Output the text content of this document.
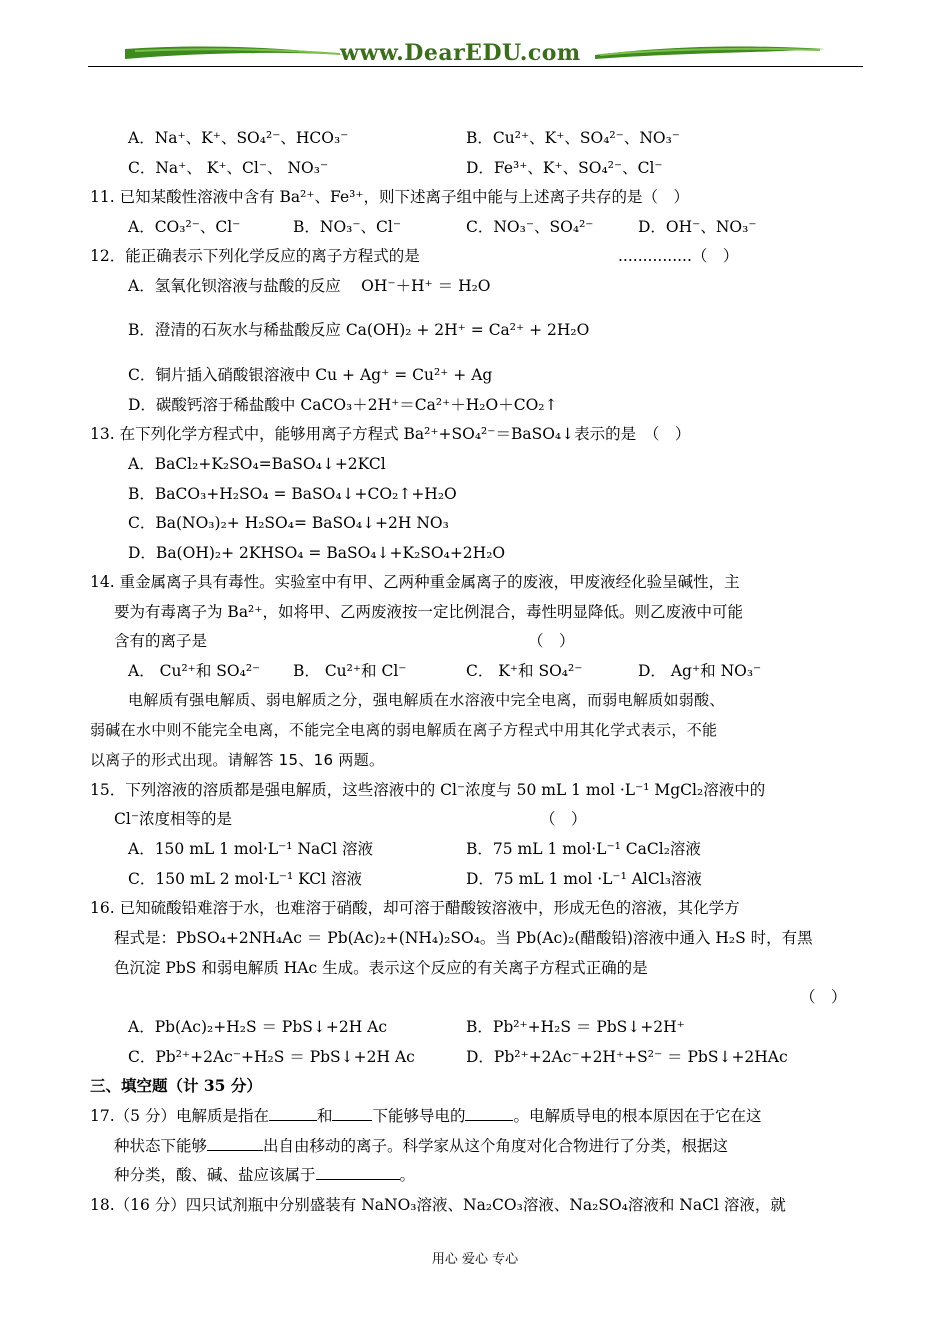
www.DearEDU.com
A．Na⁺、K⁺、SO₄²⁻、HCO₃⁻	B．Cu²⁺、K⁺、SO₄²⁻、NO₃⁻
C．Na⁺、 K⁺、Cl⁻、 NO₃⁻	D．Fe³⁺、K⁺、SO₄²⁻、Cl⁻
11. 已知某酸性溶液中含有 Ba²⁺、Fe³⁺，则下述离子组中能与上述离子共存的是（　）
A．CO₃²⁻、Cl⁻	B．NO₃⁻、Cl⁻	C．NO₃⁻、SO₄²⁻	D．OH⁻、NO₃⁻
12．能正确表示下列化学反应的离子方程式的是	...............（　）
A．氢氧化钡溶液与盐酸的反应　 OH⁻＋H⁺ ＝ H₂O
B．澄清的石灰水与稀盐酸反应 Ca(OH)₂ + 2H⁺ = Ca²⁺ + 2H₂O
C．铜片插入硝酸银溶液中 Cu + Ag⁺ = Cu²⁺ + Ag
D．碳酸钙溶于稀盐酸中 CaCO₃＋2H⁺＝Ca²⁺＋H₂O＋CO₂↑
13. 在下列化学方程式中，能够用离子方程式 Ba²⁺+SO₄²⁻＝BaSO₄↓表示的是　（　）
A．BaCl₂+K₂SO₄=BaSO₄↓+2KCl
B．BaCO₃+H₂SO₄ = BaSO₄↓+CO₂↑+H₂O
C．Ba(NO₃)₂+ H₂SO₄= BaSO₄↓+2H NO₃
D．Ba(OH)₂+ 2KHSO₄ = BaSO₄↓+K₂SO₄+2H₂O
14. 重金属离子具有毒性。实验室中有甲、乙两种重金属离子的废液，甲废液经化验呈碱性，主
要为有毒离子为 Ba²⁺，如将甲、乙两废液按一定比例混合，毒性明显降低。则乙废液中可能
含有的离子是	（　）
A． Cu²⁺和 SO₄²⁻ B． Cu²⁺和 Cl⁻	C． K⁺和 SO₄²⁻	D． Ag⁺和 NO₃⁻
电解质有强电解质、弱电解质之分，强电解质在水溶液中完全电离，而弱电解质如弱酸、
弱碱在水中则不能完全电离，不能完全电离的弱电解质在离子方程式中用其化学式表示，不能
以离子的形式出现。请解答 15、16 两题。
15．下列溶液的溶质都是强电解质，这些溶液中的 Cl⁻浓度与 50 mL 1 mol ·L⁻¹ MgCl₂溶液中的
Cl⁻浓度相等的是	（　）
A．150 mL 1 mol·L⁻¹ NaCl 溶液	B．75 mL 1 mol·L⁻¹ CaCl₂溶液
C．150 mL 2 mol·L⁻¹ KCl 溶液	D．75 mL 1 mol ·L⁻¹ AlCl₃溶液
16. 已知硫酸铅难溶于水，也难溶于硝酸，却可溶于醋酸铵溶液中，形成无色的溶液，其化学方
程式是：PbSO₄+2NH₄Ac ＝ Pb(Ac)₂+(NH₄)₂SO₄。当 Pb(Ac)₂(醋酸铅)溶液中通入 H₂S 时，有黑
色沉淀 PbS 和弱电解质 HAc 生成。表示这个反应的有关离子方程式正确的是
（　）
A．Pb(Ac)₂+H₂S ＝ PbS↓+2H Ac	B．Pb²⁺+H₂S ＝ PbS↓+2H⁺
C．Pb²⁺+2Ac⁻+H₂S ＝ PbS↓+2H Ac	D．Pb²⁺+2Ac⁻+2H⁺+S²⁻ ＝ PbS↓+2HAc
三、填空题（计 35 分）
17.（5 分）电解质是指在	和	下能够导电的	。电解质导电的根本原因在于它在这
种状态下能够	出自由移动的离子。科学家从这个角度对化合物进行了分类，根据这
种分类，酸、碱、盐应该属于	。
18.（16 分）四只试剂瓶中分别盛装有 NaNO₃溶液、Na₂CO₃溶液、Na₂SO₄溶液和 NaCl 溶液，就
用心 爱心 专心
